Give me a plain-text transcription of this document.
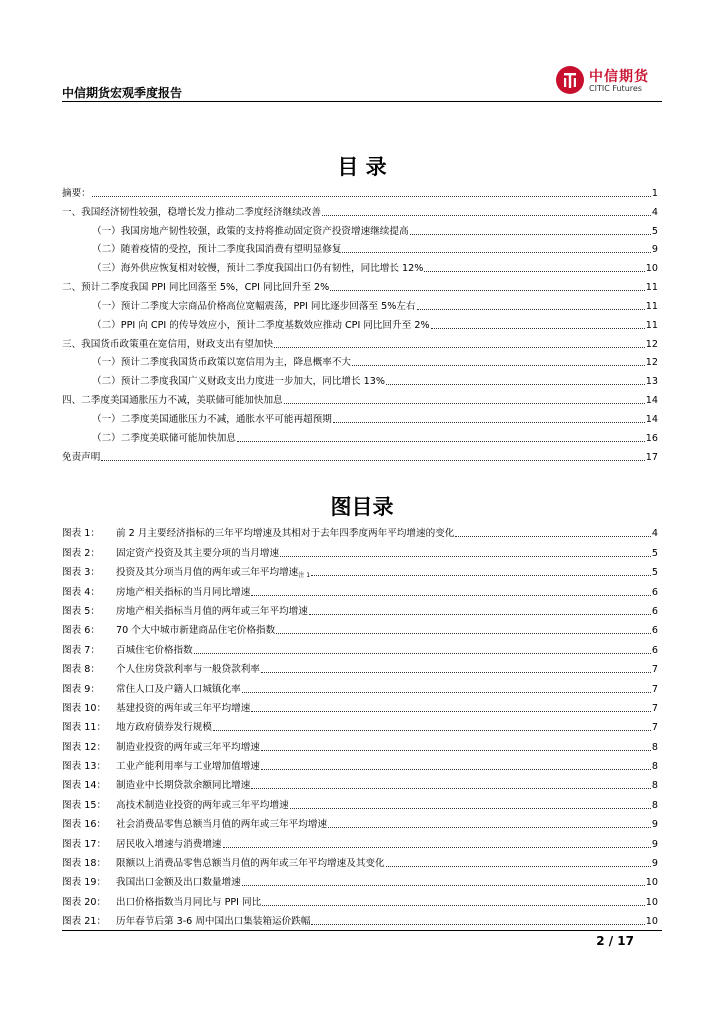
中信期货宏观季度报告
中信期货
CITIC Futures
目 录
摘要：	1
一、我国经济韧性较强，稳增长发力推动二季度经济继续改善	4
（一）我国房地产韧性较强，政策的支持将推动固定资产投资增速继续提高	5
（二）随着疫情的受控，预计二季度我国消费有望明显修复	9
（三）海外供应恢复相对较慢，预计二季度我国出口仍有韧性，同比增长 12%	10
二、预计二季度我国 PPI 同比回落至 5%，CPI 同比回升至 2%	11
（一）预计二季度大宗商品价格高位宽幅震荡，PPI 同比逐步回落至 5%左右	11
（二）PPI 向 CPI 的传导效应小，预计二季度基数效应推动 CPI 同比回升至 2%	11
三、我国货币政策重在宽信用，财政支出有望加快	12
（一）预计二季度我国货币政策以宽信用为主，降息概率不大	12
（二）预计二季度我国广义财政支出力度进一步加大，同比增长 13%	13
四、二季度美国通胀压力不减，美联储可能加快加息	14
（一）二季度美国通胀压力不减，通胀水平可能再超预期	14
（二）二季度美联储可能加快加息	16
免责声明	17
图目录
图表 1：	前 2 月主要经济指标的三年平均增速及其相对于去年四季度两年平均增速的变化	4
图表 2：	固定资产投资及其主要分项的当月增速	5
图表 3：	投资及其分项当月值的两年或三年平均增速$_{注 1}$	5
图表 4：	房地产相关指标的当月同比增速	6
图表 5：	房地产相关指标当月值的两年或三年平均增速	6
图表 6：	70 个大中城市新建商品住宅价格指数	6
图表 7：	百城住宅价格指数	6
图表 8：	个人住房贷款利率与一般贷款利率	7
图表 9：	常住人口及户籍人口城镇化率	7
图表 10：	基建投资的两年或三年平均增速	7
图表 11：	地方政府债券发行规模	7
图表 12：	制造业投资的两年或三年平均增速	8
图表 13：	工业产能利用率与工业增加值增速	8
图表 14：	制造业中长期贷款余额同比增速	8
图表 15：	高技术制造业投资的两年或三年平均增速	8
图表 16：	社会消费品零售总额当月值的两年或三年平均增速	9
图表 17：	居民收入增速与消费增速	9
图表 18：	限额以上消费品零售总额当月值的两年或三年平均增速及其变化	9
图表 19：	我国出口金额及出口数量增速	10
图表 20：	出口价格指数当月同比与 PPI 同比	10
图表 21：	历年春节后第 3-6 周中国出口集装箱运价跌幅	10
2 / 17
